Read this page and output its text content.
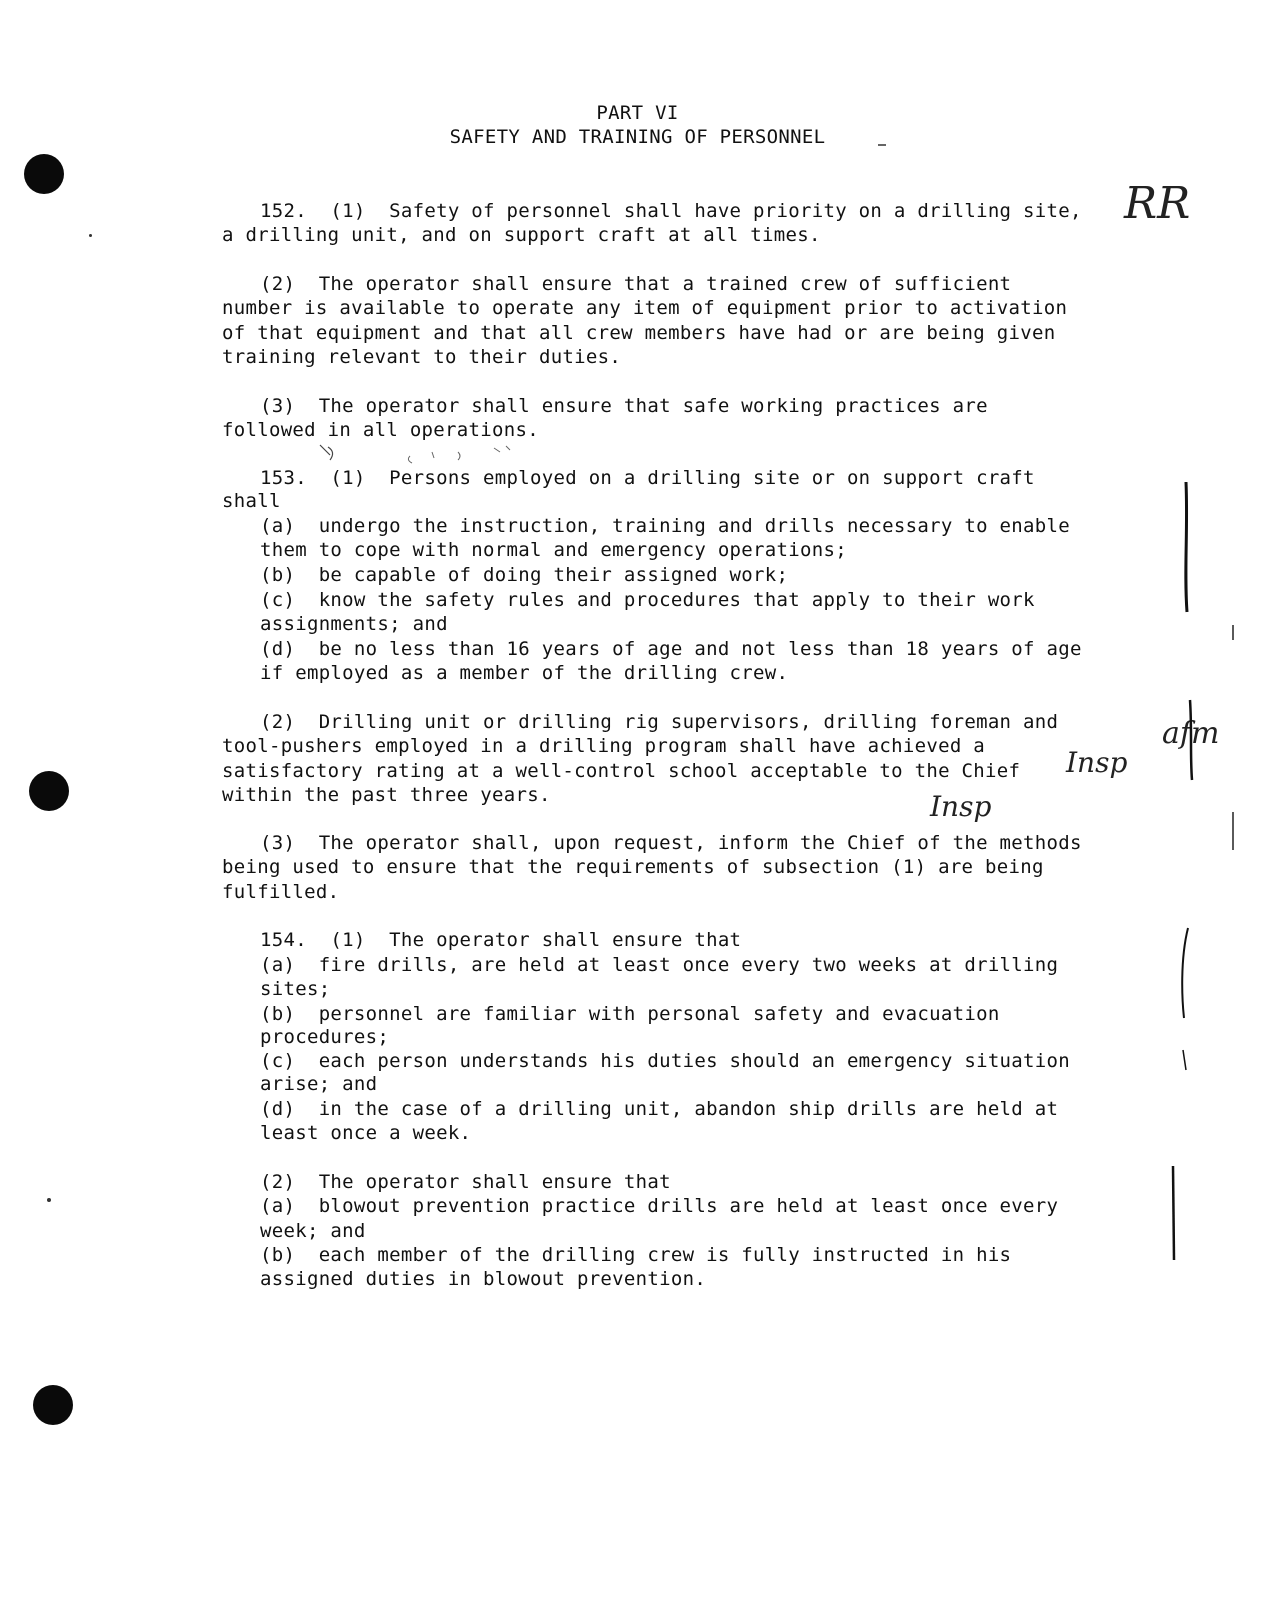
PART VI
SAFETY AND TRAINING OF PERSONNEL
152.  (1)  Safety of personnel shall have priority on a drilling site,
a drilling unit, and on support craft at all times.
(2)  The operator shall ensure that a trained crew of sufficient
number is available to operate any item of equipment prior to activation
of that equipment and that all crew members have had or are being given
training relevant to their duties.
(3)  The operator shall ensure that safe working practices are
followed in all operations.
153.  (1)  Persons employed on a drilling site or on support craft
shall
(a)  undergo the instruction, training and drills necessary to enable
them to cope with normal and emergency operations;
(b)  be capable of doing their assigned work;
(c)  know the safety rules and procedures that apply to their work
assignments; and
(d)  be no less than 16 years of age and not less than 18 years of age
if employed as a member of the drilling crew.
(2)  Drilling unit or drilling rig supervisors, drilling foreman and
tool-pushers employed in a drilling program shall have achieved a
satisfactory rating at a well-control school acceptable to the Chief
within the past three years.
(3)  The operator shall, upon request, inform the Chief of the methods
being used to ensure that the requirements of subsection (1) are being
fulfilled.
154.  (1)  The operator shall ensure that
(a)  fire drills, are held at least once every two weeks at drilling
sites;
(b)  personnel are familiar with personal safety and evacuation
procedures;
(c)  each person understands his duties should an emergency situation
arise; and
(d)  in the case of a drilling unit, abandon ship drills are held at
least once a week.
(2)  The operator shall ensure that
(a)  blowout prevention practice drills are held at least once every
week; and
(b)  each member of the drilling crew is fully instructed in his
assigned duties in blowout prevention.
RR
Insp
Insp
afm
